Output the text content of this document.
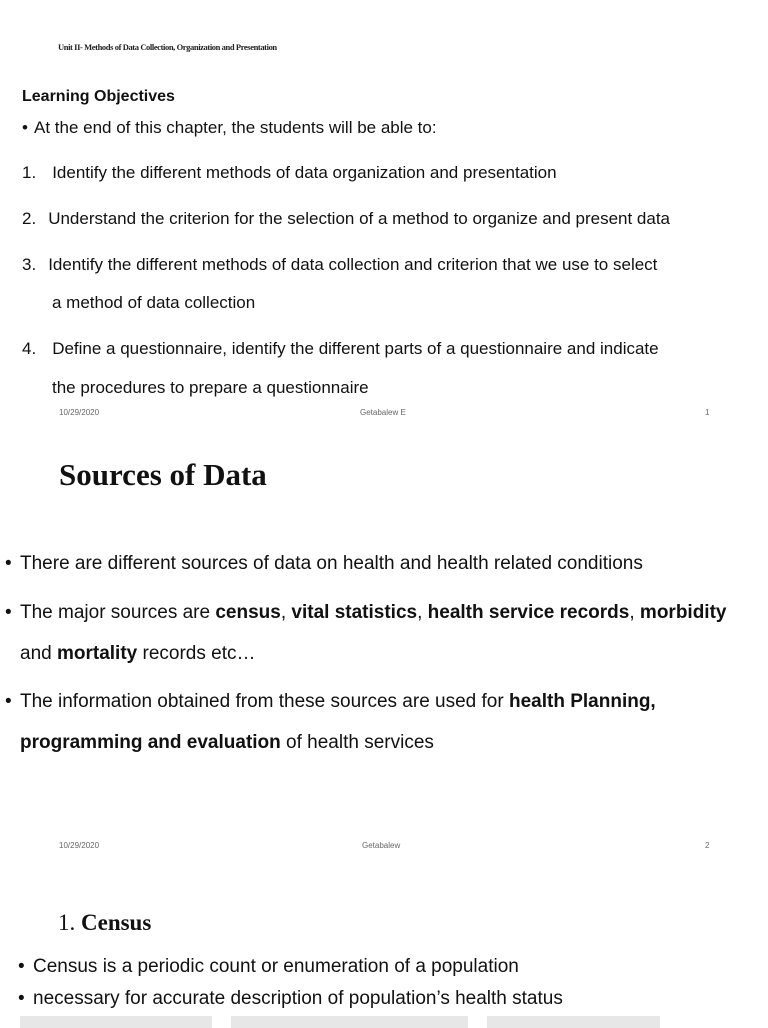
Unit II- Methods of Data Collection, Organization and Presentation
Learning Objectives
• At the end of this chapter, the students will be able to:
1. Identify the different methods of data organization and presentation
2. Understand the criterion for the selection of a method to organize and present data
3. Identify the different methods of data collection and criterion that we use to select
a method of data collection
4. Define a questionnaire, identify the different parts of a questionnaire and indicate
the procedures to prepare a questionnaire
10/29/2020	Getabalew E	1
Sources of Data
• There are different sources of data on health and health related conditions
• The major sources are census, vital statistics, health service records, morbidity
and mortality records etc…
• The information obtained from these sources are used for health Planning,
programming and evaluation of health services
10/29/2020	Getabalew	2
1. Census
• Census is a periodic count or enumeration of a population
• necessary for accurate description of population’s health status
